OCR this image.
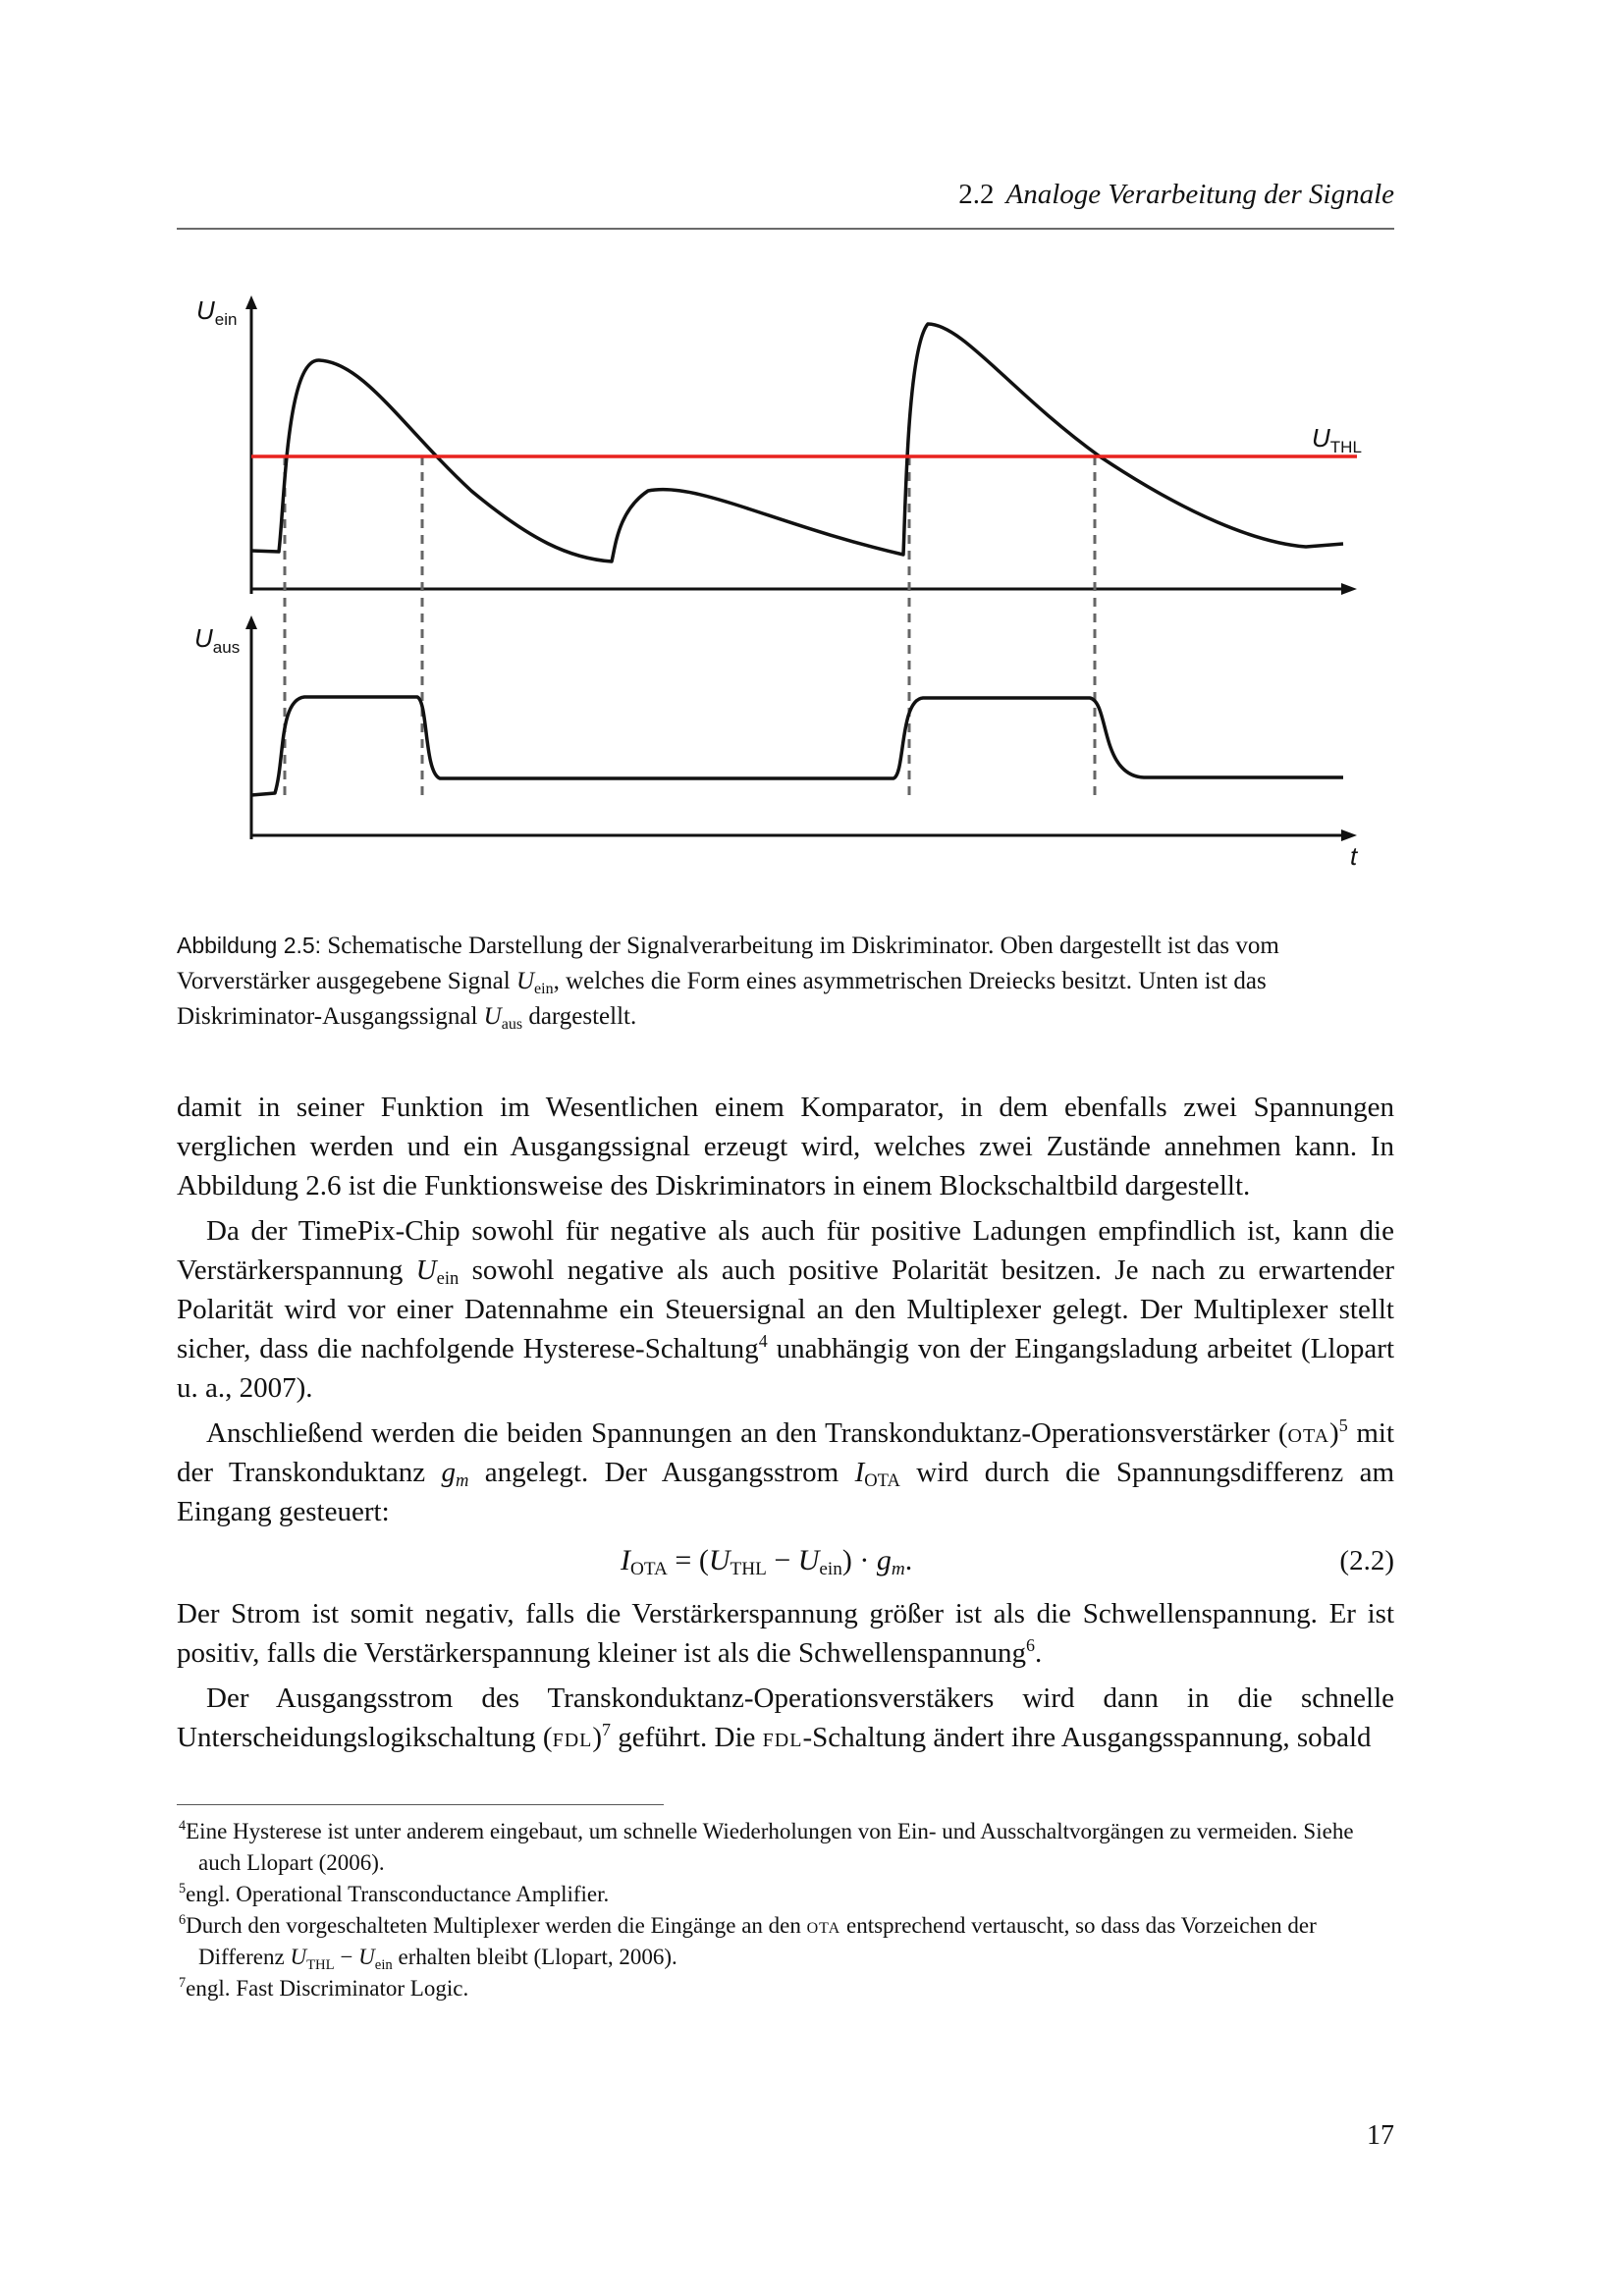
2.2 Analoge Verarbeitung der Signale
$U_{ein}$
$U_{THL}$
$U_{aus}$
t
Abbildung 2.5: Schematische Darstellung der Signalverarbeitung im Diskriminator. Oben dargestellt ist das vom Vorverstärker ausgegebene Signal $U_{ein}$, welches die Form eines asymmetrischen Dreiecks besitzt. Unten ist das Diskriminator-Ausgangssignal $U_{aus}$ dargestellt.

damit in seiner Funktion im Wesentlichen einem Komparator, in dem ebenfalls zwei Spannungen verglichen werden und ein Ausgangssignal erzeugt wird, welches zwei Zustände annehmen kann. In Abbildung 2.6 ist die Funktionsweise des Diskriminators in einem Blockschaltbild dargestellt.

Da der TimePix-Chip sowohl für negative als auch für positive Ladungen empfindlich ist, kann die Verstärkerspannung $U_{ein}$ sowohl negative als auch positive Polarität besitzen. Je nach zu erwartender Polarität wird vor einer Datennahme ein Steuersignal an den Multiplexer gelegt. Der Multiplexer stellt sicher, dass die nachfolgende Hysterese-Schaltung$^4$ unabhängig von der Eingangsladung arbeitet (Llopart u. a., 2007).

Anschließend werden die beiden Spannungen an den Transkonduktanz-Operationsverstärker (ota)$^5$ mit der Transkonduktanz $g_m$ angelegt. Der Ausgangsstrom $I_{OTA}$ wird durch die Spannungsdifferenz am Eingang gesteuert:

$I_{OTA} = (U_{THL} - U_{ein}) \cdot g_m$.	(2.2)

Der Strom ist somit negativ, falls die Verstärkerspannung größer ist als die Schwellenspannung. Er ist positiv, falls die Verstärkerspannung kleiner ist als die Schwellenspannung$^6$.

Der Ausgangsstrom des Transkonduktanz-Operationsverstäkers wird dann in die schnelle Unterscheidungslogikschaltung (fdl)$^7$ geführt. Die fdl-Schaltung ändert ihre Ausgangsspannung, sobald

$^4$Eine Hysterese ist unter anderem eingebaut, um schnelle Wiederholungen von Ein- und Ausschaltvorgängen zu vermeiden. Siehe auch Llopart (2006).

$^5$engl. Operational Transconductance Amplifier.

$^6$Durch den vorgeschalteten Multiplexer werden die Eingänge an den ota entsprechend vertauscht, so dass das Vorzeichen der Differenz $U_{THL} - U_{ein}$ erhalten bleibt (Llopart, 2006).

$^7$engl. Fast Discriminator Logic.

17
